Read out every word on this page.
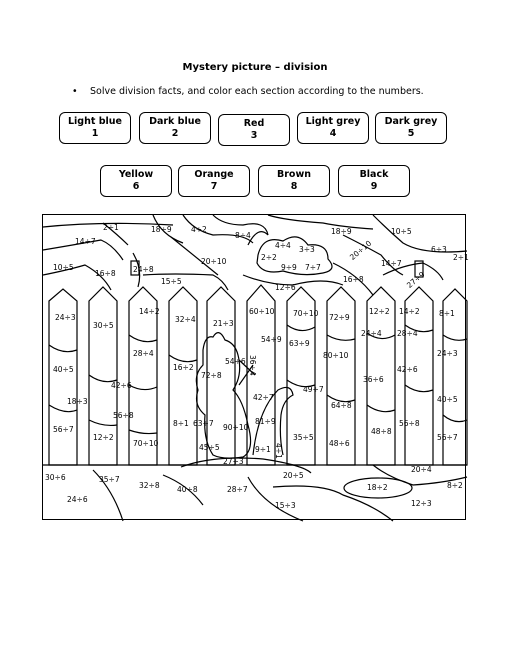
Mystery picture – division
• Solve division facts, and color each section according to the numbers.
Light blue
1
Dark blue
2
Red
3
Light grey
4
Dark grey
5
Yellow
6
Orange
7
Brown
8
Black
9
2÷1
14÷7
18÷9	4÷2
8÷4	18÷9	10÷5
6÷3
2÷1
10÷5
16÷8 24÷8
20÷10
4÷4 3÷3
2÷2
9÷9 7÷7
20÷10
14÷7
15÷5
12÷6
16÷8	27÷9
24÷3
30÷5
14÷2
32÷4 21÷3
60÷10 70÷10 72÷9
12÷2 14÷2	8÷1
54÷9 63÷9
24÷4 28÷4
28÷4
16÷2
54÷6 36÷4	80÷10	24÷3
40÷5
42÷6
72÷8	36÷6
42÷6
49÷7
42÷7
18÷3
56÷8
64÷8
40÷5
8÷1 63÷7	81÷9
56÷7
12÷2
70÷10
90÷10
35÷5
48÷8
56÷8
56÷7
45÷5	9÷1
48÷6
4÷1
27÷3
30÷6	35÷7
32÷8 40÷8	28÷7
20÷5
20÷4
18÷2	8÷2
24÷6
15÷3	12÷3
